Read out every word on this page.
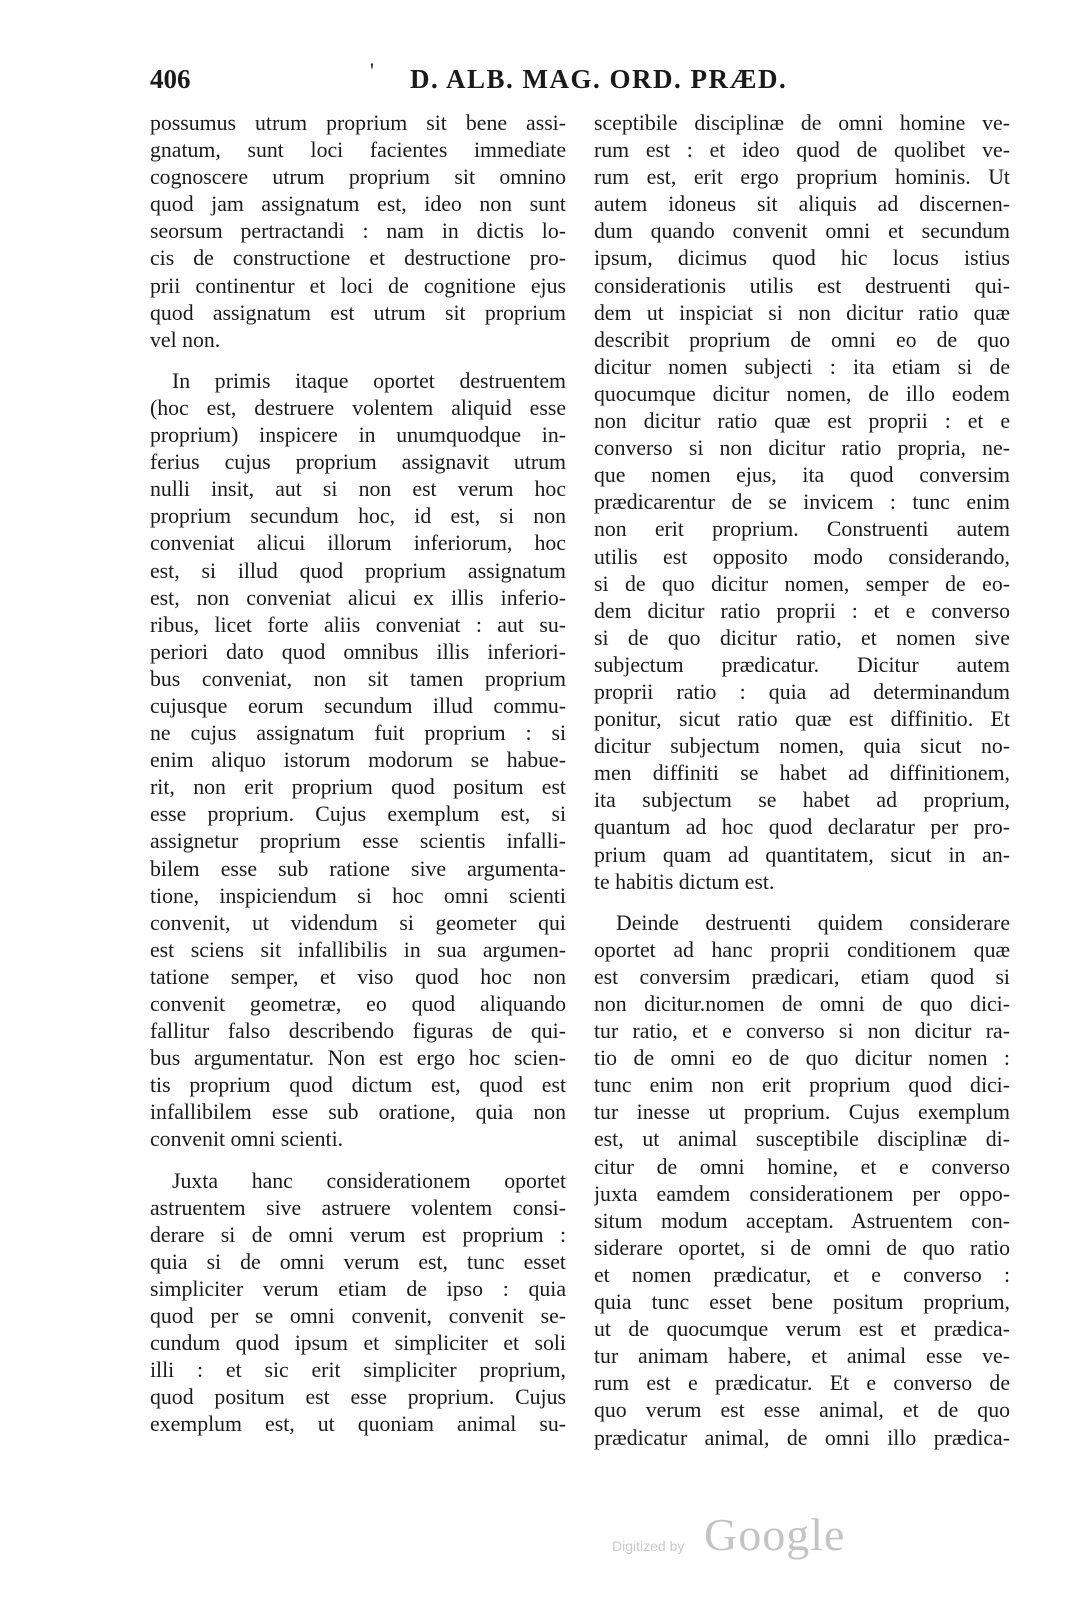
406	' D. ALB. MAG. ORD. PRÆD.
possumus utrum proprium sit bene assi-
gnatum, sunt loci facientes immediate
cognoscere utrum proprium sit omnino
quod jam assignatum est, ideo non sunt
seorsum pertractandi : nam in dictis lo-
cis de constructione et destructione pro-
prii continentur et loci de cognitione ejus
quod assignatum est utrum sit proprium
vel non.
In primis itaque oportet destruentem
(hoc est, destruere volentem aliquid esse
proprium) inspicere in unumquodque in-
ferius cujus proprium assignavit utrum
nulli insit, aut si non est verum hoc
proprium secundum hoc, id est, si non
conveniat alicui illorum inferiorum, hoc
est, si illud quod proprium assignatum
est, non conveniat alicui ex illis inferio-
ribus, licet forte aliis conveniat : aut su-
periori dato quod omnibus illis inferiori-
bus conveniat, non sit tamen proprium
cujusque eorum secundum illud commu-
ne cujus assignatum fuit proprium : si
enim aliquo istorum modorum se habue-
rit, non erit proprium quod positum est
esse proprium. Cujus exemplum est, si
assignetur proprium esse scientis infalli-
bilem esse sub ratione sive argumenta-
tione, inspiciendum si hoc omni scienti
convenit, ut videndum si geometer qui
est sciens sit infallibilis in sua argumen-
tatione semper, et viso quod hoc non
convenit geometræ, eo quod aliquando
fallitur falso describendo figuras de qui-
bus argumentatur. Non est ergo hoc scien-
tis proprium quod dictum est, quod est
infallibilem esse sub oratione, quia non
convenit omni scienti.
Juxta hanc considerationem oportet
astruentem sive astruere volentem consi-
derare si de omni verum est proprium :
quia si de omni verum est, tunc esset
simpliciter verum etiam de ipso : quia
quod per se omni convenit, convenit se-
cundum quod ipsum et simpliciter et soli
illi : et sic erit simpliciter proprium,
quod positum est esse proprium. Cujus
exemplum est, ut quoniam animal su-
sceptibile disciplinæ de omni homine ve-
rum est : et ideo quod de quolibet ve-
rum est, erit ergo proprium hominis. Ut
autem idoneus sit aliquis ad discernen-
dum quando convenit omni et secundum
ipsum, dicimus quod hic locus istius
considerationis utilis est destruenti qui-
dem ut inspiciat si non dicitur ratio quæ
describit proprium de omni eo de quo
dicitur nomen subjecti : ita etiam si de
quocumque dicitur nomen, de illo eodem
non dicitur ratio quæ est proprii : et e
converso si non dicitur ratio propria, ne-
que nomen ejus, ita quod conversim
prædicarentur de se invicem : tunc enim
non erit proprium. Construenti autem
utilis est opposito modo considerando,
si de quo dicitur nomen, semper de eo-
dem dicitur ratio proprii : et e converso
si de quo dicitur ratio, et nomen sive
subjectum prædicatur. Dicitur autem
proprii ratio : quia ad determinandum
ponitur, sicut ratio quæ est diffinitio. Et
dicitur subjectum nomen, quia sicut no-
men diffiniti se habet ad diffinitionem,
ita subjectum se habet ad proprium,
quantum ad hoc quod declaratur per pro-
prium quam ad quantitatem, sicut in an-
te habitis dictum est.
Deinde destruenti quidem considerare
oportet ad hanc proprii conditionem quæ
est conversim prædicari, etiam quod si
non dicitur.nomen de omni de quo dici-
tur ratio, et e converso si non dicitur ra-
tio de omni eo de quo dicitur nomen :
tunc enim non erit proprium quod dici-
tur inesse ut proprium. Cujus exemplum
est, ut animal susceptibile disciplinæ di-
citur de omni homine, et e converso
juxta eamdem considerationem per oppo-
situm modum acceptam. Astruentem con-
siderare oportet, si de omni de quo ratio
et nomen prædicatur, et e converso :
quia tunc esset bene positum proprium,
ut de quocumque verum est et prædica-
tur animam habere, et animal esse ve-
rum est e prædicatur. Et e converso de
quo verum est esse animal, et de quo
prædicatur animal, de omni illo prædica-
Digitized by Google
